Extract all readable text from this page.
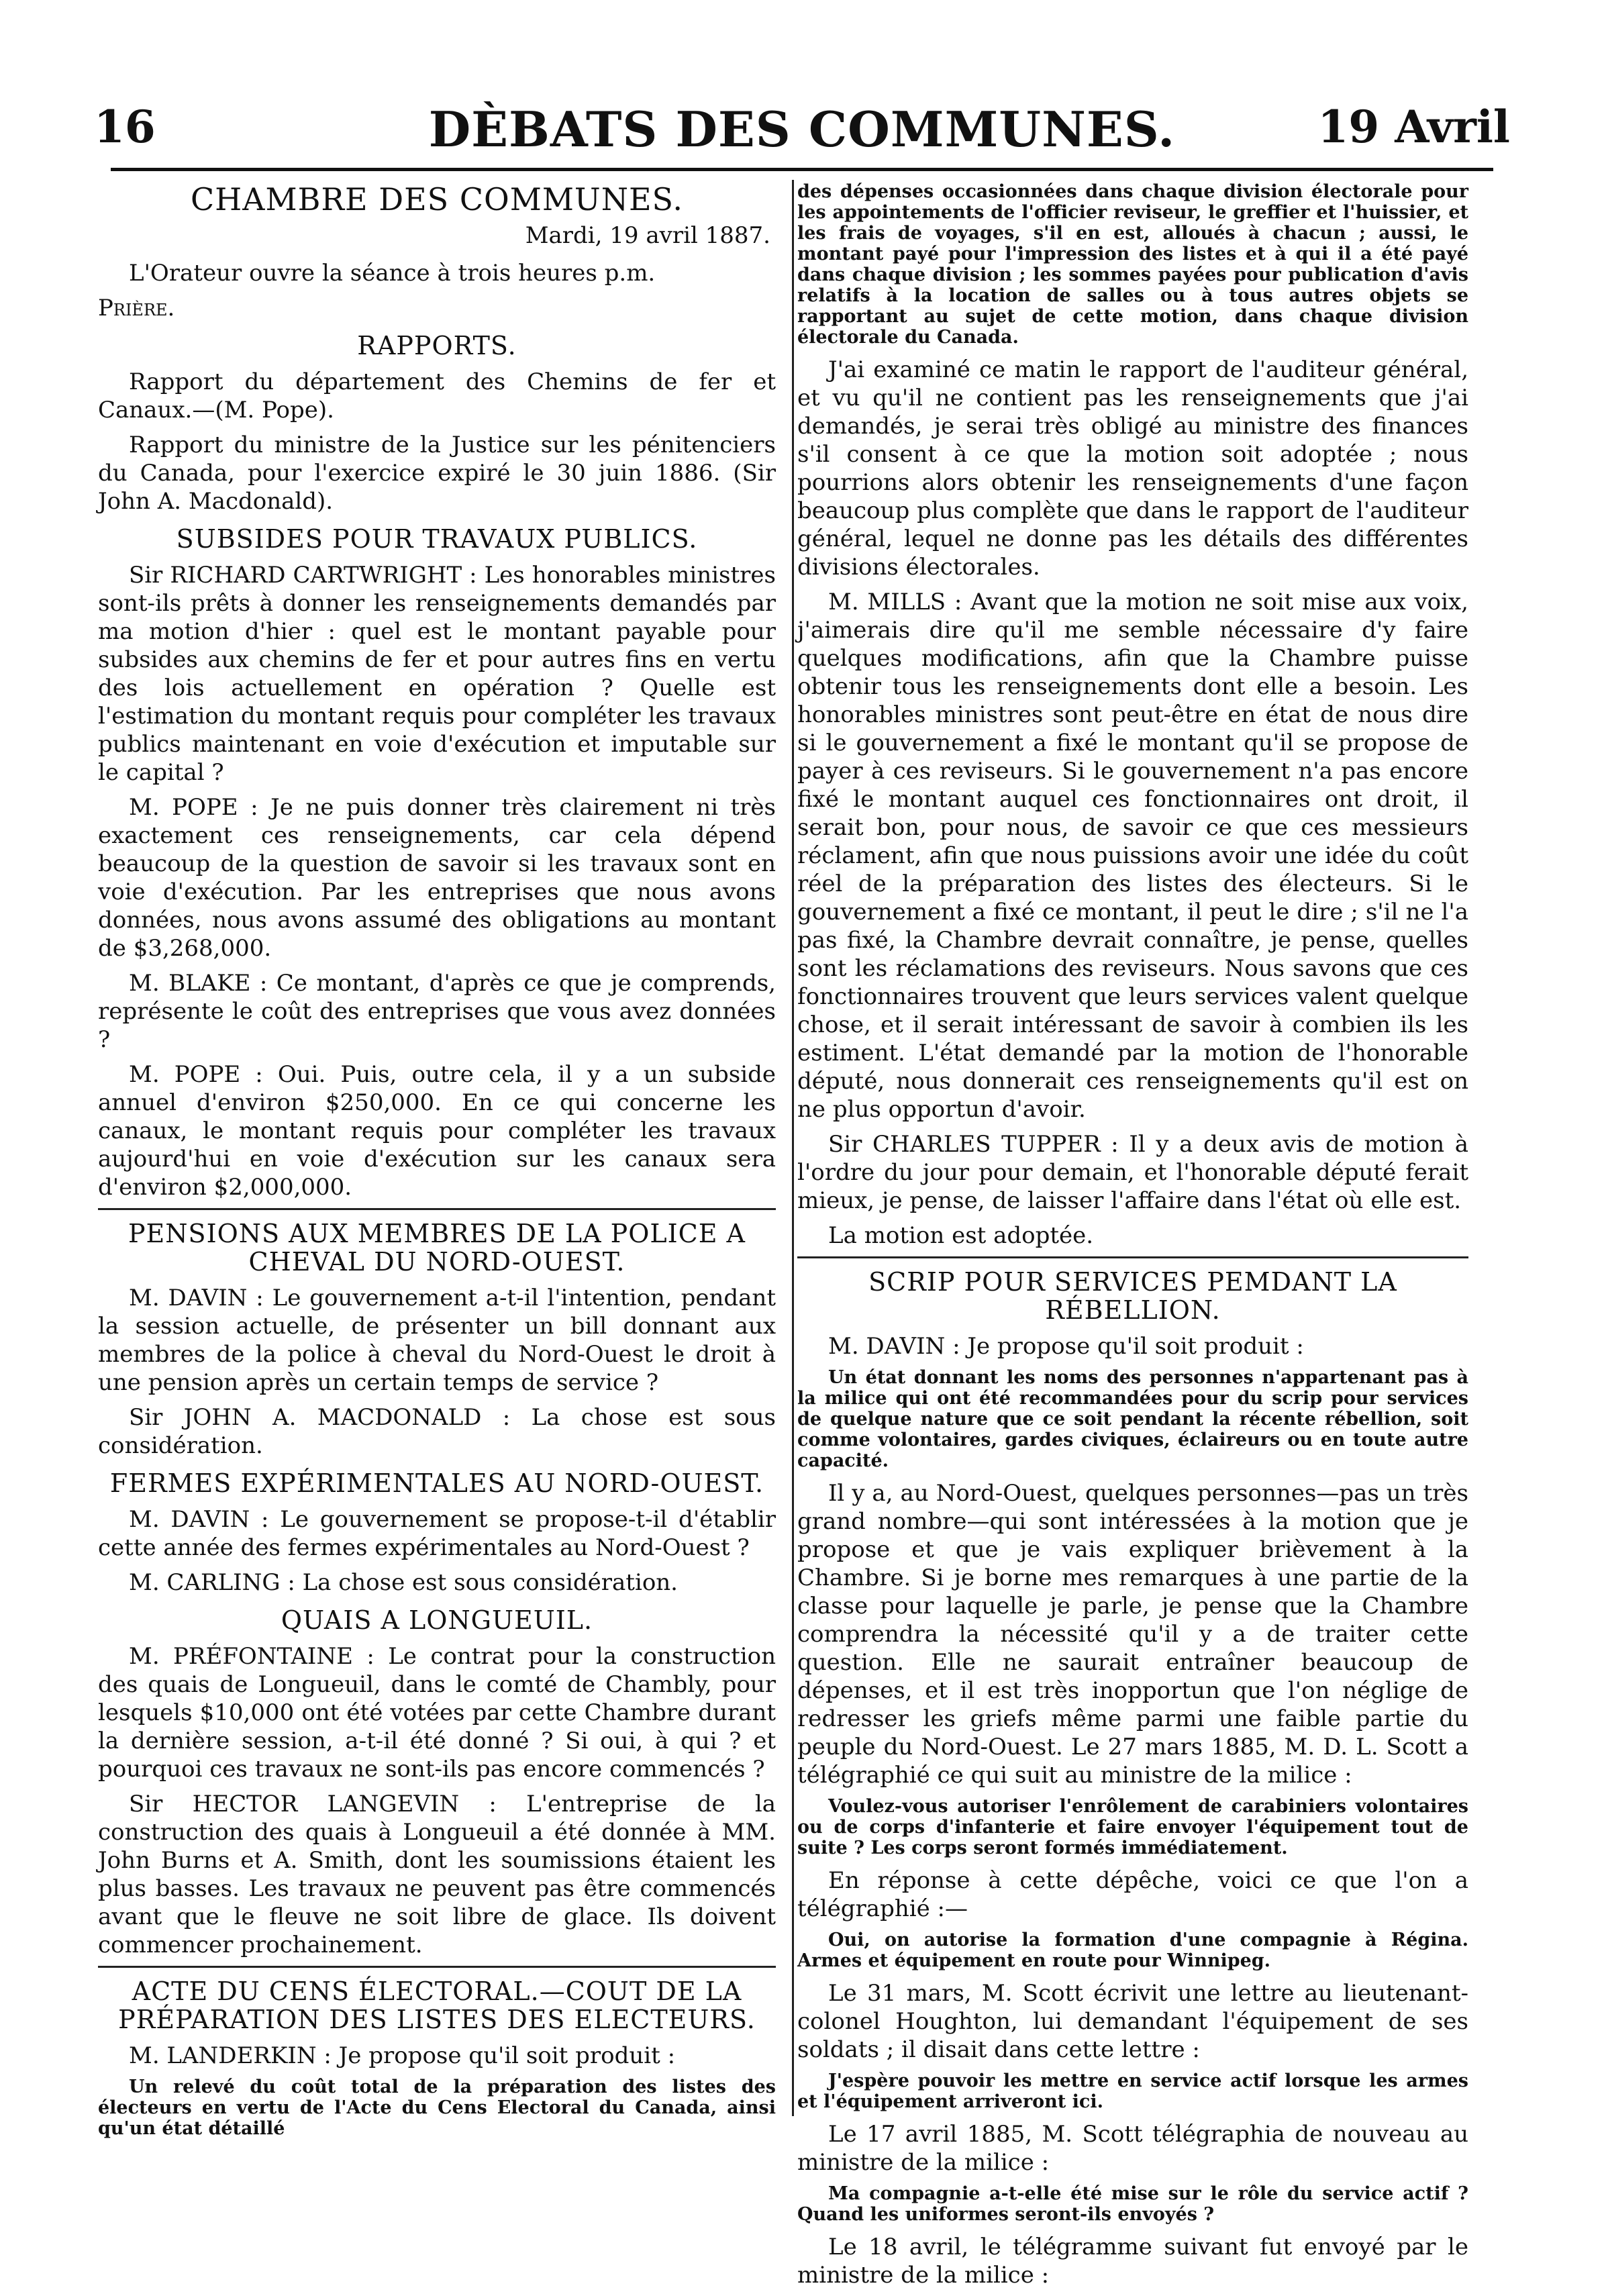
16	DÈBATS DES COMMUNES.	19 Avril

CHAMBRE DES COMMUNES.

Mardi, 19 avril 1887.

L'Orateur ouvre la séance à trois heures p.m.

Prière.

RAPPORTS.

Rapport du département des Chemins de fer et Canaux.—(M. Pope).

Rapport du ministre de la Justice sur les pénitenciers du Canada, pour l'exercice expiré le 30 juin 1886. (Sir John A. Macdonald).

SUBSIDES POUR TRAVAUX PUBLICS.

Sir RICHARD CARTWRIGHT : Les honorables ministres sont-ils prêts à donner les renseignements demandés par ma motion d'hier : quel est le montant payable pour subsides aux chemins de fer et pour autres fins en vertu des lois actuellement en opération ? Quelle est l'estimation du montant requis pour compléter les travaux publics maintenant en voie d'exécution et imputable sur le capital ?

M. POPE : Je ne puis donner très clairement ni très exactement ces renseignements, car cela dépend beaucoup de la question de savoir si les travaux sont en voie d'exécution. Par les entreprises que nous avons données, nous avons assumé des obligations au montant de $3,268,000.

M. BLAKE : Ce montant, d'après ce que je comprends, représente le coût des entreprises que vous avez données ?

M. POPE : Oui. Puis, outre cela, il y a un subside annuel d'environ $250,000. En ce qui concerne les canaux, le montant requis pour compléter les travaux aujourd'hui en voie d'exécution sur les canaux sera d'environ $2,000,000.

PENSIONS AUX MEMBRES DE LA POLICE A CHEVAL DU NORD-OUEST.

M. DAVIN : Le gouvernement a-t-il l'intention, pendant la session actuelle, de présenter un bill donnant aux membres de la police à cheval du Nord-Ouest le droit à une pension après un certain temps de service ?

Sir JOHN A. MACDONALD : La chose est sous considération.

FERMES EXPÉRIMENTALES AU NORD-OUEST.

M. DAVIN : Le gouvernement se propose-t-il d'établir cette année des fermes expérimentales au Nord-Ouest ?

M. CARLING : La chose est sous considération.

QUAIS A LONGUEUIL.

M. PRÉFONTAINE : Le contrat pour la construction des quais de Longueuil, dans le comté de Chambly, pour lesquels $10,000 ont été votées par cette Chambre durant la dernière session, a-t-il été donné ? Si oui, à qui ? et pourquoi ces travaux ne sont-ils pas encore commencés ?

Sir HECTOR LANGEVIN : L'entreprise de la construction des quais à Longueuil a été donnée à MM. John Burns et A. Smith, dont les soumissions étaient les plus basses. Les travaux ne peuvent pas être commencés avant que le fleuve ne soit libre de glace. Ils doivent commencer prochainement.

ACTE DU CENS ÉLECTORAL.—COUT DE LA PRÉPARATION DES LISTES DES ELECTEURS.

M. LANDERKIN : Je propose qu'il soit produit :

Un relevé du coût total de la préparation des listes des électeurs en vertu de l'Acte du Cens Electoral du Canada, ainsi qu'un état détaillé

des dépenses occasionnées dans chaque division électorale pour les appointements de l'officier reviseur, le greffier et l'huissier, et les frais de voyages, s'il en est, alloués à chacun ; aussi, le montant payé pour l'impression des listes et à qui il a été payé dans chaque division ; les sommes payées pour publication d'avis relatifs à la location de salles ou à tous autres objets se rapportant au sujet de cette motion, dans chaque division électorale du Canada.

J'ai examiné ce matin le rapport de l'auditeur général, et vu qu'il ne contient pas les renseignements que j'ai demandés, je serai très obligé au ministre des finances s'il consent à ce que la motion soit adoptée ; nous pourrions alors obtenir les renseignements d'une façon beaucoup plus complète que dans le rapport de l'auditeur général, lequel ne donne pas les détails des différentes divisions électorales.

M. MILLS : Avant que la motion ne soit mise aux voix, j'aimerais dire qu'il me semble nécessaire d'y faire quelques modifications, afin que la Chambre puisse obtenir tous les renseignements dont elle a besoin. Les honorables ministres sont peut-être en état de nous dire si le gouvernement a fixé le montant qu'il se propose de payer à ces reviseurs. Si le gouvernement n'a pas encore fixé le montant auquel ces fonctionnaires ont droit, il serait bon, pour nous, de savoir ce que ces messieurs réclament, afin que nous puissions avoir une idée du coût réel de la préparation des listes des électeurs. Si le gouvernement a fixé ce montant, il peut le dire ; s'il ne l'a pas fixé, la Chambre devrait connaître, je pense, quelles sont les réclamations des reviseurs. Nous savons que ces fonctionnaires trouvent que leurs services valent quelque chose, et il serait intéressant de savoir à combien ils les estiment. L'état demandé par la motion de l'honorable député, nous donnerait ces renseignements qu'il est on ne plus opportun d'avoir.

Sir CHARLES TUPPER : Il y a deux avis de motion à l'ordre du jour pour demain, et l'honorable député ferait mieux, je pense, de laisser l'affaire dans l'état où elle est.

La motion est adoptée.

SCRIP POUR SERVICES PEMDANT LA RÉBELLION.

M. DAVIN : Je propose qu'il soit produit :

Un état donnant les noms des personnes n'appartenant pas à la milice qui ont été recommandées pour du scrip pour services de quelque nature que ce soit pendant la récente rébellion, soit comme volontaires, gardes civiques, éclaireurs ou en toute autre capacité.

Il y a, au Nord-Ouest, quelques personnes—pas un très grand nombre—qui sont intéressées à la motion que je propose et que je vais expliquer brièvement à la Chambre. Si je borne mes remarques à une partie de la classe pour laquelle je parle, je pense que la Chambre comprendra la nécessité qu'il y a de traiter cette question. Elle ne saurait entraîner beaucoup de dépenses, et il est très inopportun que l'on néglige de redresser les griefs même parmi une faible partie du peuple du Nord-Ouest. Le 27 mars 1885, M. D. L. Scott a télégraphié ce qui suit au ministre de la milice :

Voulez-vous autoriser l'enrôlement de carabiniers volontaires ou de corps d'infanterie et faire envoyer l'équipement tout de suite ? Les corps seront formés immédiatement.

En réponse à cette dépêche, voici ce que l'on a télégraphié :—

Oui, on autorise la formation d'une compagnie à Régina. Armes et équipement en route pour Winnipeg.

Le 31 mars, M. Scott écrivit une lettre au lieutenant-colonel Houghton, lui demandant l'équipement de ses soldats ; il disait dans cette lettre :

J'espère pouvoir les mettre en service actif lorsque les armes et l'équipement arriveront ici.

Le 17 avril 1885, M. Scott télégraphia de nouveau au ministre de la milice :

Ma compagnie a-t-elle été mise sur le rôle du service actif ? Quand les uniformes seront-ils envoyés ?

Le 18 avril, le télégramme suivant fut envoyé par le ministre de la milice :
